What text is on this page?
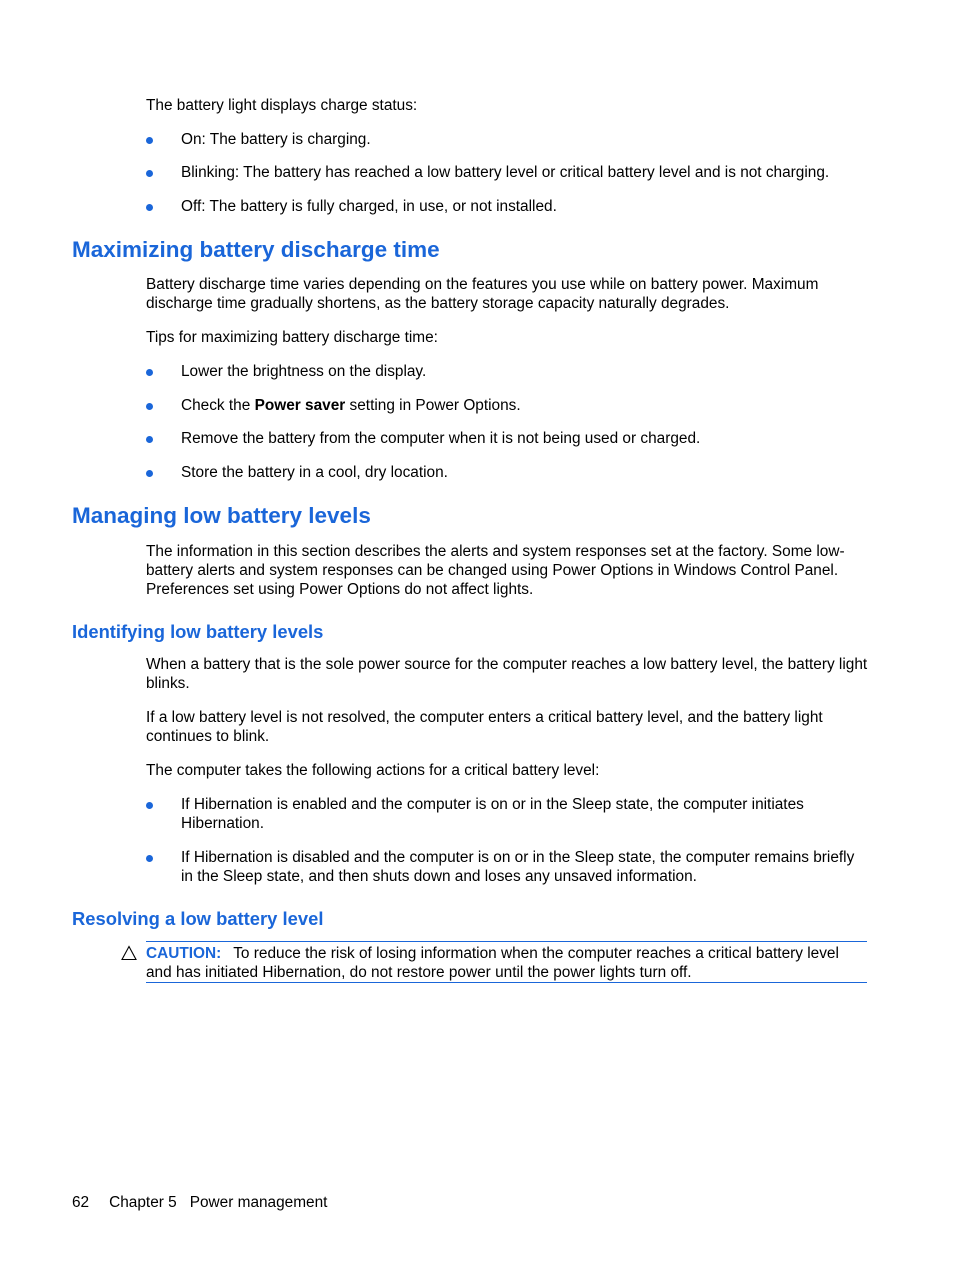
The battery light displays charge status:

On: The battery is charging.

Blinking: The battery has reached a low battery level or critical battery level and is not charging.

Off: The battery is fully charged, in use, or not installed.

Maximizing battery discharge time

Battery discharge time varies depending on the features you use while on battery power. Maximum discharge time gradually shortens, as the battery storage capacity naturally degrades.

Tips for maximizing battery discharge time:

Lower the brightness on the display.

Check the Power saver setting in Power Options.

Remove the battery from the computer when it is not being used or charged.

Store the battery in a cool, dry location.

Managing low battery levels

The information in this section describes the alerts and system responses set at the factory. Some low-battery alerts and system responses can be changed using Power Options in Windows Control Panel. Preferences set using Power Options do not affect lights.

Identifying low battery levels

When a battery that is the sole power source for the computer reaches a low battery level, the battery light blinks.

If a low battery level is not resolved, the computer enters a critical battery level, and the battery light continues to blink.

The computer takes the following actions for a critical battery level:

If Hibernation is enabled and the computer is on or in the Sleep state, the computer initiates Hibernation.

If Hibernation is disabled and the computer is on or in the Sleep state, the computer remains briefly in the Sleep state, and then shuts down and loses any unsaved information.

Resolving a low battery level

CAUTION: To reduce the risk of losing information when the computer reaches a critical battery level and has initiated Hibernation, do not restore power until the power lights turn off.

62 Chapter 5 Power management
